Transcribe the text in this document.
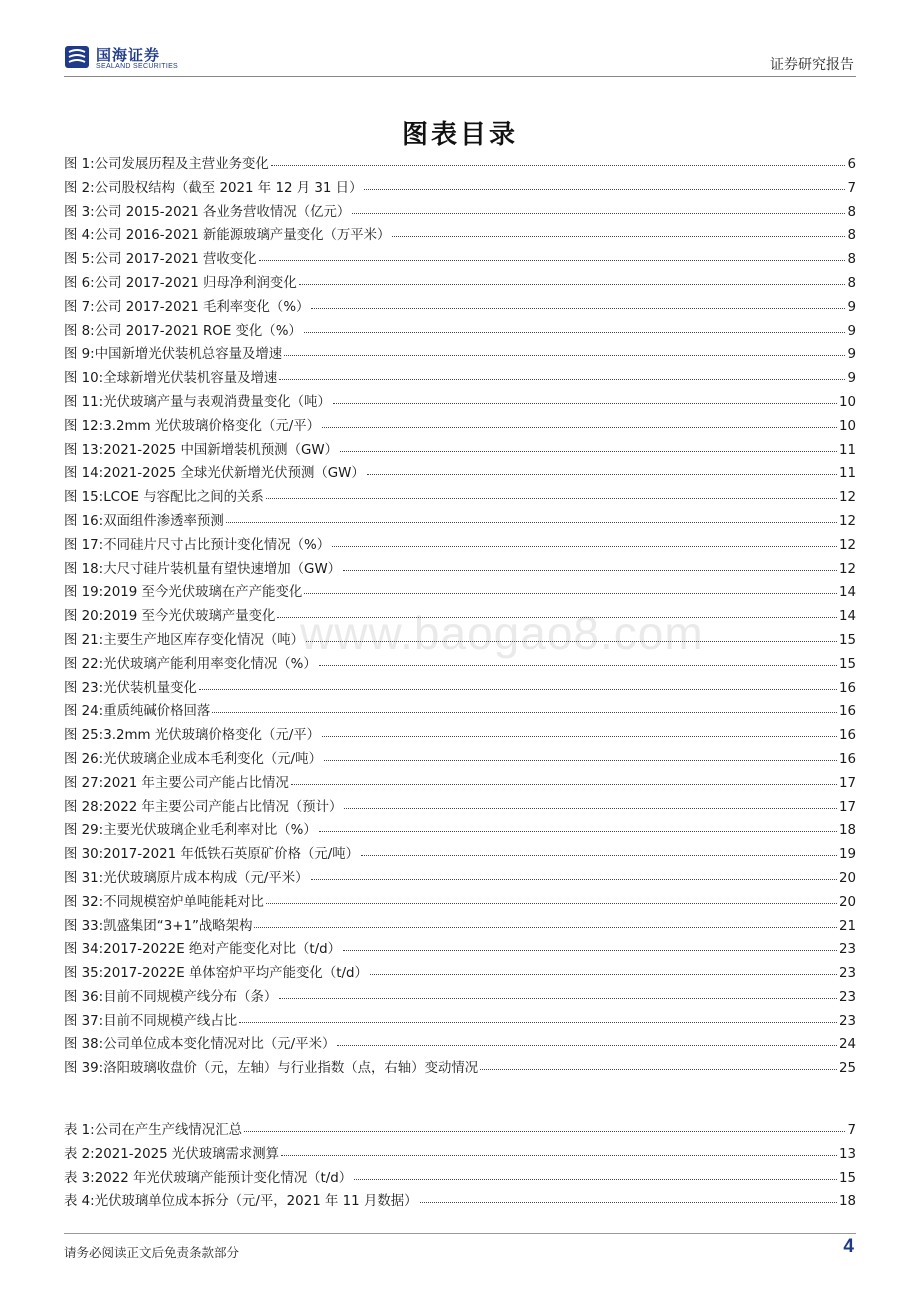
国海证券
SEALAND SECURITIES	证券研究报告
图表目录
www.baogao8.com
图 1: 公司发展历程及主营业务变化	6
图 2: 公司股权结构（截至 2021 年 12 月 31 日）	7
图 3: 公司 2015-2021 各业务营收情况（亿元）	8
图 4: 公司 2016-2021 新能源玻璃产量变化（万平米）	8
图 5: 公司 2017-2021 营收变化	8
图 6: 公司 2017-2021 归母净利润变化	8
图 7: 公司 2017-2021 毛利率变化（%）	9
图 8: 公司 2017-2021 ROE 变化（%）	9
图 9: 中国新增光伏装机总容量及增速	9
图 10: 全球新增光伏装机容量及增速	9
图 11: 光伏玻璃产量与表观消费量变化（吨）	10
图 12: 3.2mm 光伏玻璃价格变化（元/平）	10
图 13: 2021-2025 中国新增装机预测（GW）	11
图 14: 2021-2025 全球光伏新增光伏预测（GW）	11
图 15: LCOE 与容配比之间的关系	12
图 16: 双面组件渗透率预测	12
图 17: 不同硅片尺寸占比预计变化情况（%）	12
图 18: 大尺寸硅片装机量有望快速增加（GW）	12
图 19: 2019 至今光伏玻璃在产产能变化	14
图 20: 2019 至今光伏玻璃产量变化	14
图 21: 主要生产地区库存变化情况（吨）	15
图 22: 光伏玻璃产能利用率变化情况（%）	15
图 23: 光伏装机量变化	16
图 24: 重质纯碱价格回落	16
图 25: 3.2mm 光伏玻璃价格变化（元/平）	16
图 26: 光伏玻璃企业成本毛利变化（元/吨）	16
图 27: 2021 年主要公司产能占比情况	17
图 28: 2022 年主要公司产能占比情况（预计）	17
图 29: 主要光伏玻璃企业毛利率对比（%）	18
图 30: 2017-2021 年低铁石英原矿价格（元/吨）	19
图 31: 光伏玻璃原片成本构成（元/平米）	20
图 32: 不同规模窑炉单吨能耗对比	20
图 33: 凯盛集团“3+1”战略架构	21
图 34: 2017-2022E 绝对产能变化对比（t/d）	23
图 35: 2017-2022E 单体窑炉平均产能变化（t/d）	23
图 36: 目前不同规模产线分布（条）	23
图 37: 目前不同规模产线占比	23
图 38: 公司单位成本变化情况对比（元/平米）	24
图 39: 洛阳玻璃收盘价（元，左轴）与行业指数（点，右轴）变动情况	25
表 1: 公司在产生产线情况汇总	7
表 2: 2021-2025 光伏玻璃需求测算	13
表 3: 2022 年光伏玻璃产能预计变化情况（t/d）	15
表 4: 光伏玻璃单位成本拆分（元/平，2021 年 11 月数据）	18
请务必阅读正文后免责条款部分	4
